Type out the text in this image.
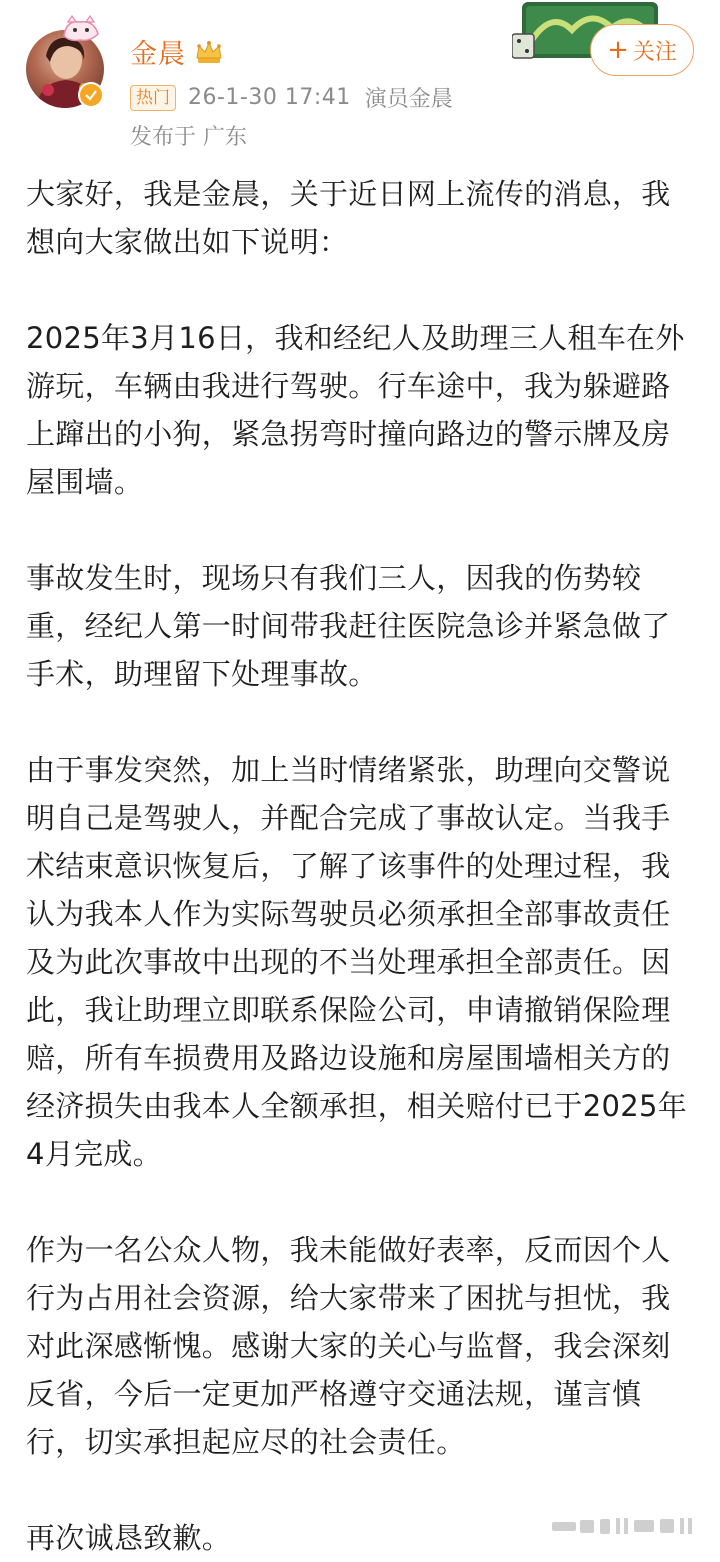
金晨
热门 26-1-30 17:41 演员金晨
发布于 广东
+ 关注

大家好，我是金晨，关于近日网上流传的消息，我想向大家做出如下说明：

2025年3月16日，我和经纪人及助理三人租车在外游玩，车辆由我进行驾驶。行车途中，我为躲避路上蹿出的小狗，紧急拐弯时撞向路边的警示牌及房屋围墙。

事故发生时，现场只有我们三人，因我的伤势较重，经纪人第一时间带我赶往医院急诊并紧急做了手术，助理留下处理事故。

由于事发突然，加上当时情绪紧张，助理向交警说明自己是驾驶人，并配合完成了事故认定。当我手术结束意识恢复后，了解了该事件的处理过程，我认为我本人作为实际驾驶员必须承担全部事故责任及为此次事故中出现的不当处理承担全部责任。因此，我让助理立即联系保险公司，申请撤销保险理赔，所有车损费用及路边设施和房屋围墙相关方的经济损失由我本人全额承担，相关赔付已于2025年4月完成。

作为一名公众人物，我未能做好表率，反而因个人行为占用社会资源，给大家带来了困扰与担忧，我对此深感惭愧。感谢大家的关心与监督，我会深刻反省，今后一定更加严格遵守交通法规，谨言慎行，切实承担起应尽的社会责任。

再次诚恳致歉。
